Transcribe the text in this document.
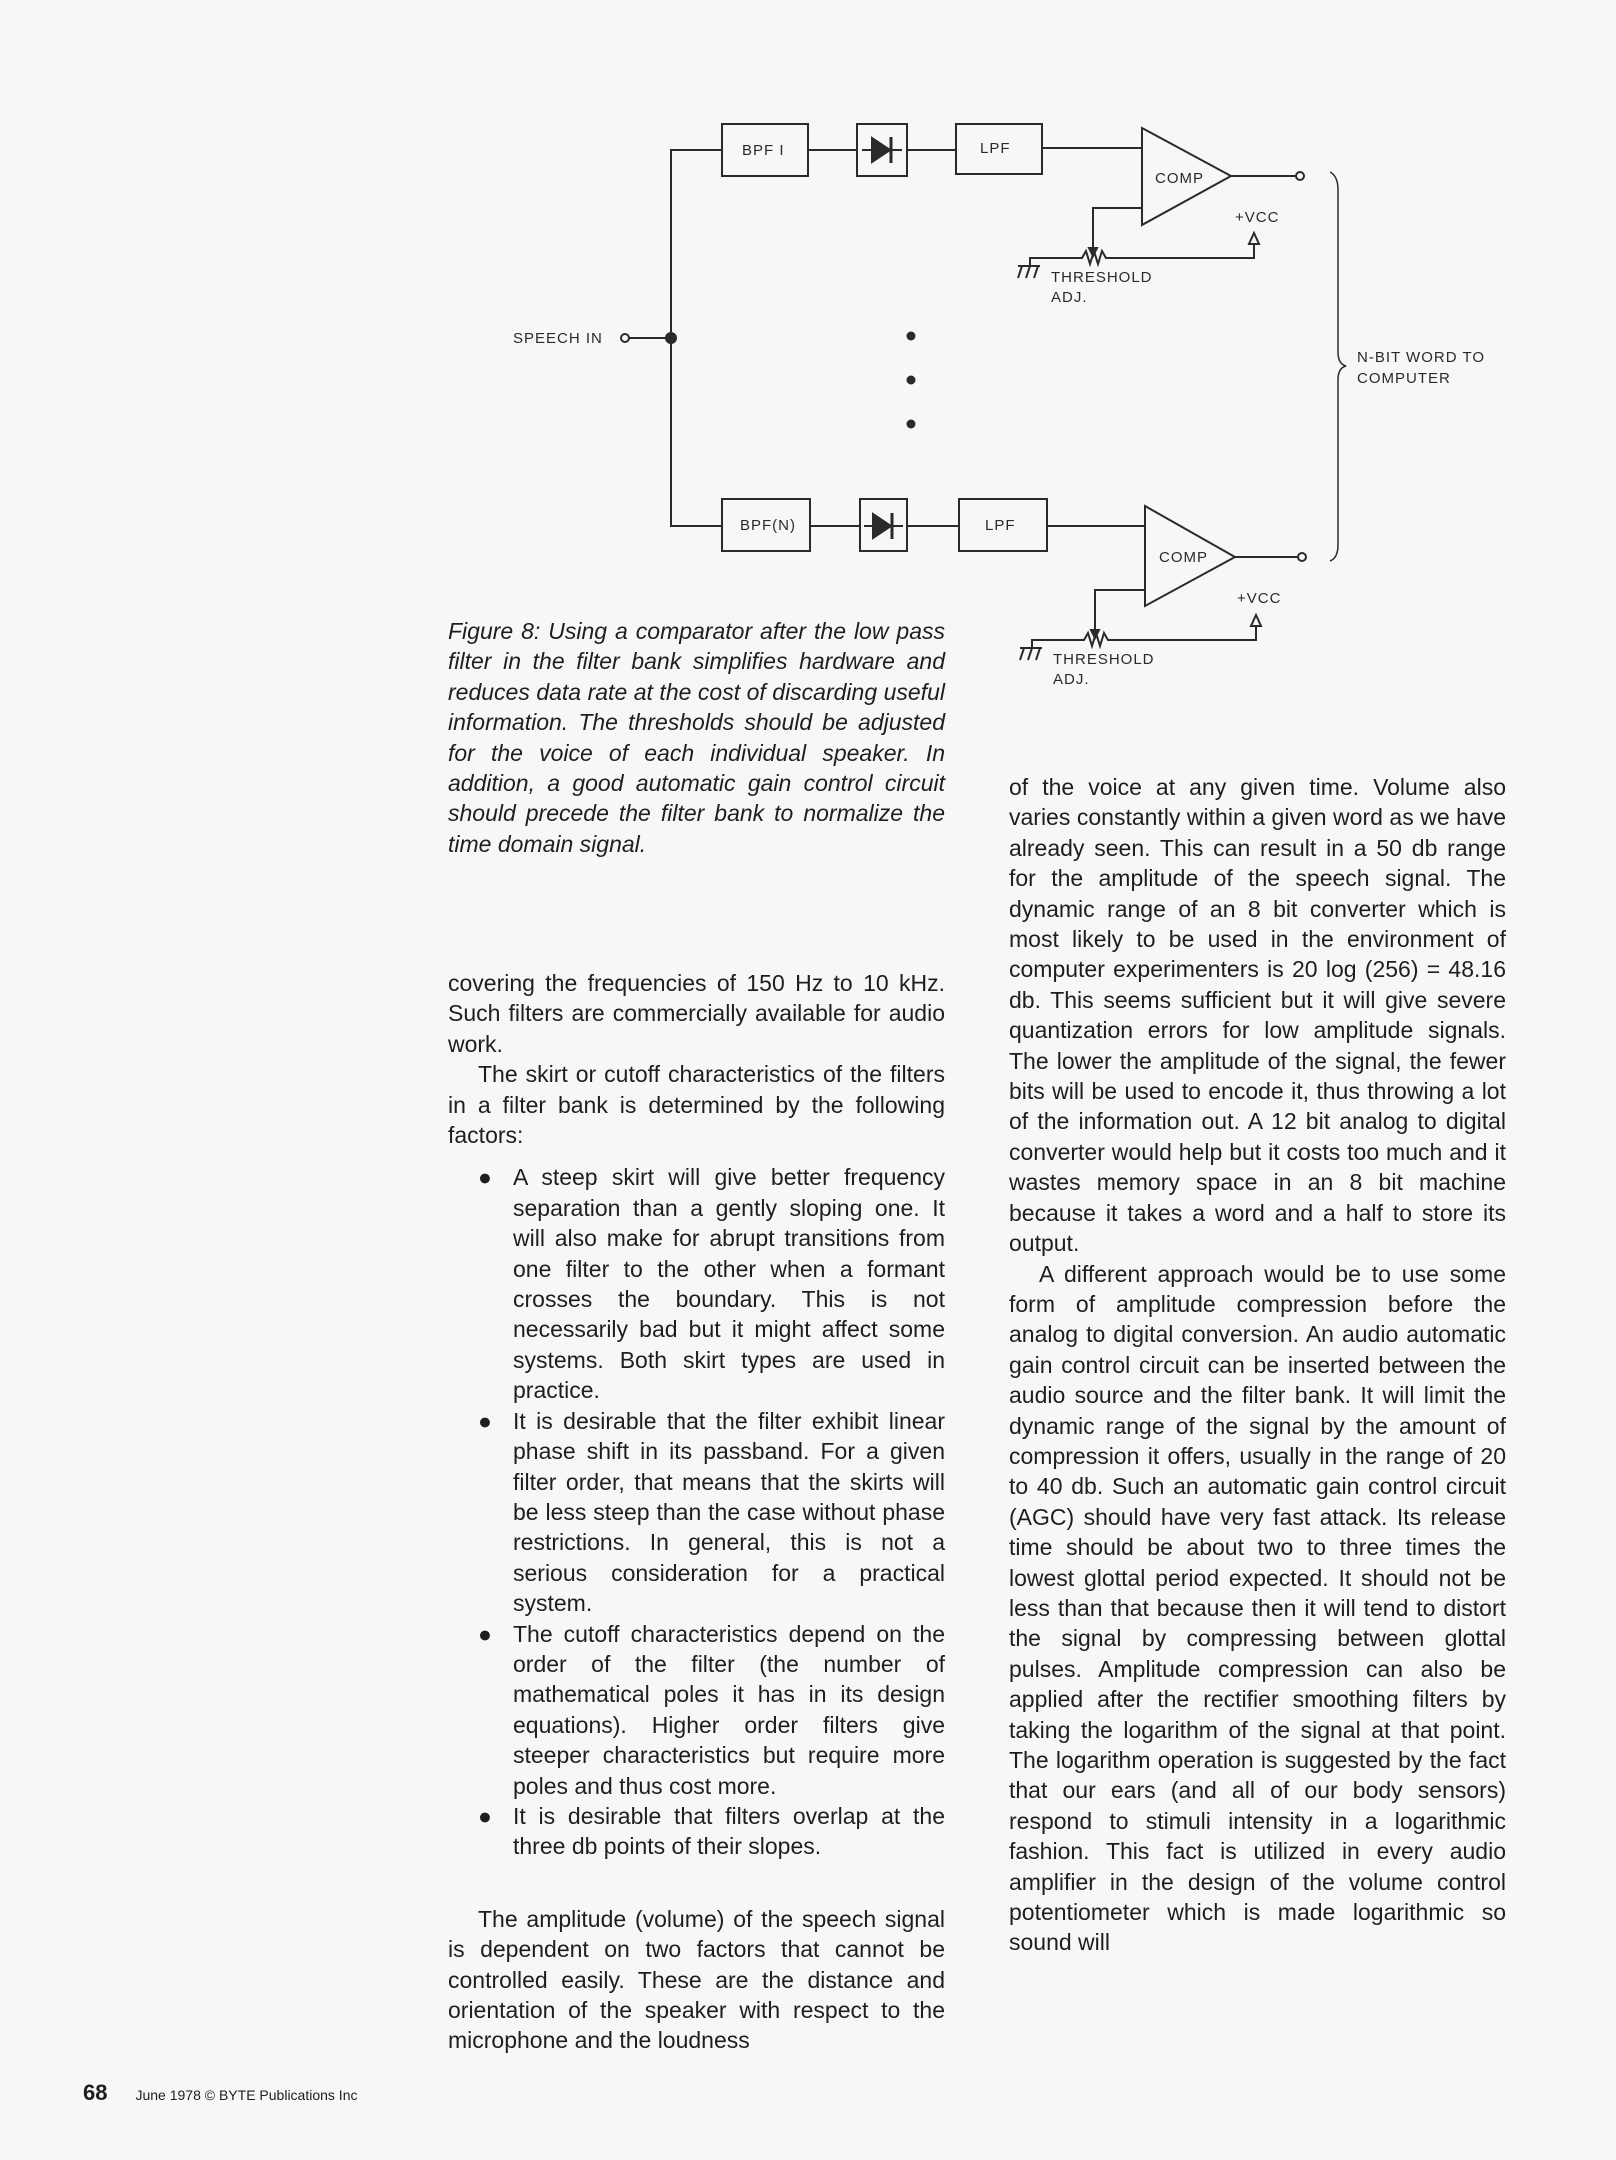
SPEECH IN
BPF I	LPF
COMP
+VCC
THRESHOLD
ADJ.
BPF(N)	LPF
COMP
+VCC
THRESHOLD
ADJ.
N-BIT WORD TO
COMPUTER
Figure 8: Using a comparator after the low pass filter in the filter bank simplifies hardware and reduces data rate at the cost of discarding useful information. The thresholds should be adjusted for the voice of each individual speaker. In addition, a good automatic gain control circuit should precede the filter bank to normalize the time domain signal.

covering the frequencies of 150 Hz to 10 kHz. Such filters are commercially available for audio work.

The skirt or cutoff characteristics of the filters in a filter bank is determined by the following factors:

● A steep skirt will give better frequency separation than a gently sloping one. It will also make for abrupt transitions from one filter to the other when a formant crosses the boundary. This is not necessarily bad but it might affect some systems. Both skirt types are used in practice.
● It is desirable that the filter exhibit linear phase shift in its passband. For a given filter order, that means that the skirts will be less steep than the case without phase restrictions. In general, this is not a serious consideration for a practical system.
● The cutoff characteristics depend on the order of the filter (the number of mathematical poles it has in its design equations). Higher order filters give steeper characteristics but require more poles and thus cost more.
● It is desirable that filters overlap at the three db points of their slopes.

The amplitude (volume) of the speech signal is dependent on two factors that cannot be controlled easily. These are the distance and orientation of the speaker with respect to the microphone and the loudness

of the voice at any given time. Volume also varies constantly within a given word as we have already seen. This can result in a 50 db range for the amplitude of the speech signal. The dynamic range of an 8 bit converter which is most likely to be used in the environment of computer experimenters is 20 log (256) = 48.16 db. This seems sufficient but it will give severe quantization errors for low amplitude signals. The lower the amplitude of the signal, the fewer bits will be used to encode it, thus throwing a lot of the information out. A 12 bit analog to digital converter would help but it costs too much and it wastes memory space in an 8 bit machine because it takes a word and a half to store its output.

A different approach would be to use some form of amplitude compression before the analog to digital conversion. An audio automatic gain control circuit can be inserted between the audio source and the filter bank. It will limit the dynamic range of the signal by the amount of compression it offers, usually in the range of 20 to 40 db. Such an automatic gain control circuit (AGC) should have very fast attack. Its release time should be about two to three times the lowest glottal period expected. It should not be less than that because then it will tend to distort the signal by compressing between glottal pulses. Amplitude compression can also be applied after the rectifier smoothing filters by taking the logarithm of the signal at that point. The logarithm operation is suggested by the fact that our ears (and all of our body sensors) respond to stimuli intensity in a logarithmic fashion. This fact is utilized in every audio amplifier in the design of the volume control potentiometer which is made logarithmic so sound will

68 June 1978 © BYTE Publications Inc
